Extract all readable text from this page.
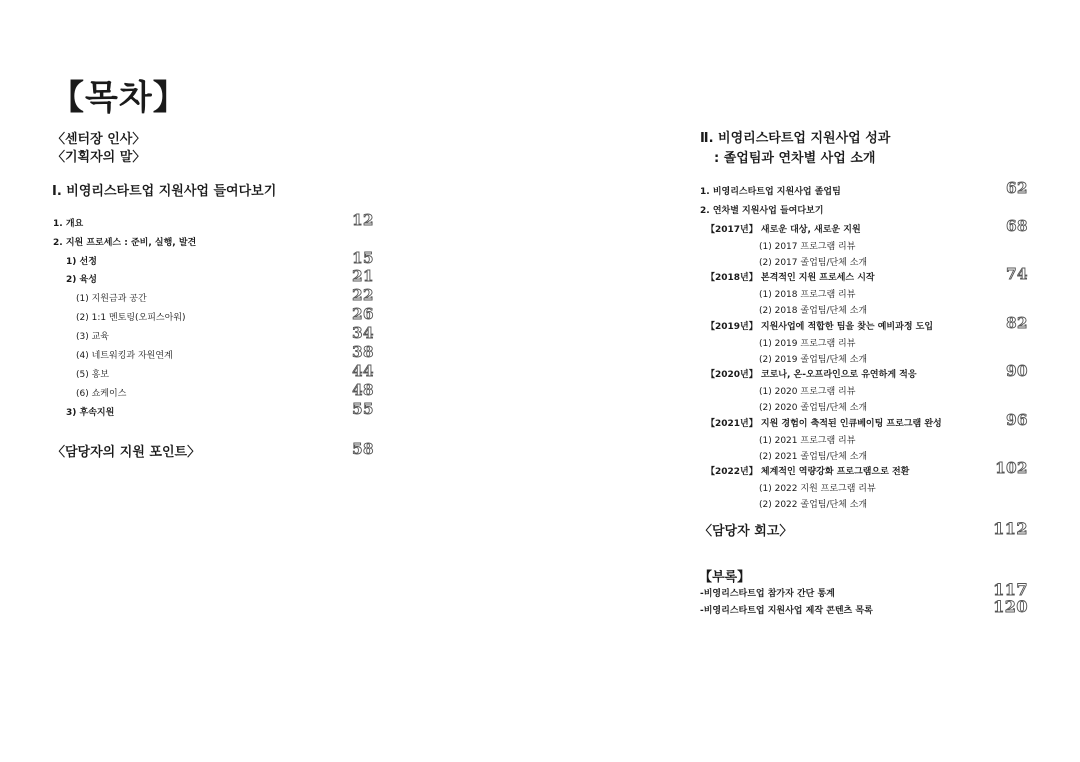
【목차】
〈센터장 인사〉
〈기획자의 말〉
Ⅰ. 비영리스타트업 지원사업 들여다보기
1. 개요	12
2. 지원 프로세스 : 준비, 실행, 발견
1) 선정	15
2) 육성	21
(1) 지원금과 공간	22
(2) 1:1 멘토링(오피스아워)	26
(3) 교육	34
(4) 네트워킹과 자원연계	38
(5) 홍보	44
(6) 쇼케이스	48
3) 후속지원	55
〈담당자의 지원 포인트〉	58
Ⅱ. 비영리스타트업 지원사업 성과
: 졸업팀과 연차별 사업 소개
1. 비영리스타트업 지원사업 졸업팀	62
2. 연차별 지원사업 들여다보기
【2017년】 새로운 대상, 새로운 지원	68
(1) 2017 프로그램 리뷰
(2) 2017 졸업팀/단체 소개
【2018년】 본격적인 지원 프로세스 시작	74
(1) 2018 프로그램 리뷰
(2) 2018 졸업팀/단체 소개
【2019년】 지원사업에 적합한 팀을 찾는 예비과정 도입	82
(1) 2019 프로그램 리뷰
(2) 2019 졸업팀/단체 소개
【2020년】 코로나, 온-오프라인으로 유연하게 적응	90
(1) 2020 프로그램 리뷰
(2) 2020 졸업팀/단체 소개
【2021년】 지원 경험이 축적된 인큐베이팅 프로그램 완성	96
(1) 2021 프로그램 리뷰
(2) 2021 졸업팀/단체 소개
【2022년】 체계적인 역량강화 프로그램으로 전환	102
(1) 2022 지원 프로그램 리뷰
(2) 2022 졸업팀/단체 소개
〈담당자 회고〉	112
【부록】
-비영리스타트업 참가자 간단 통계	117
-비영리스타트업 지원사업 제작 콘텐츠 목록	120
